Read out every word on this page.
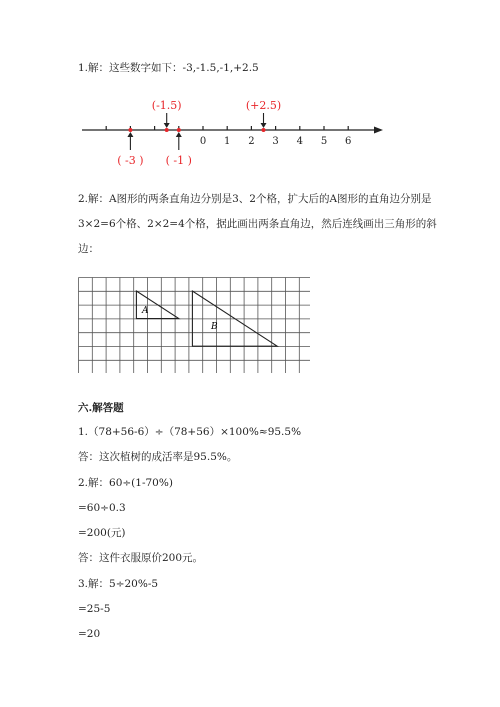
1.解：这些数字如下：-3,-1.5,-1,+2.5
0 1 2 3 4 5 6
(-1.5)	(+2.5)
( -3 ) ( -1 )
2.解：A图形的两条直角边分别是3、2个格，扩大后的A图形的直角边分别是
3×2=6个格、2×2=4个格，据此画出两条直角边，然后连线画出三角形的斜
边：
A
B
六.解答题
1.（78+56-6）÷（78+56）×100%≈95.5%
答：这次植树的成活率是95.5%。
2.解：60÷(1-70%)
=60÷0.3
=200(元)
答：这件衣服原价200元。
3.解：5÷20%-5
=25-5
=20
